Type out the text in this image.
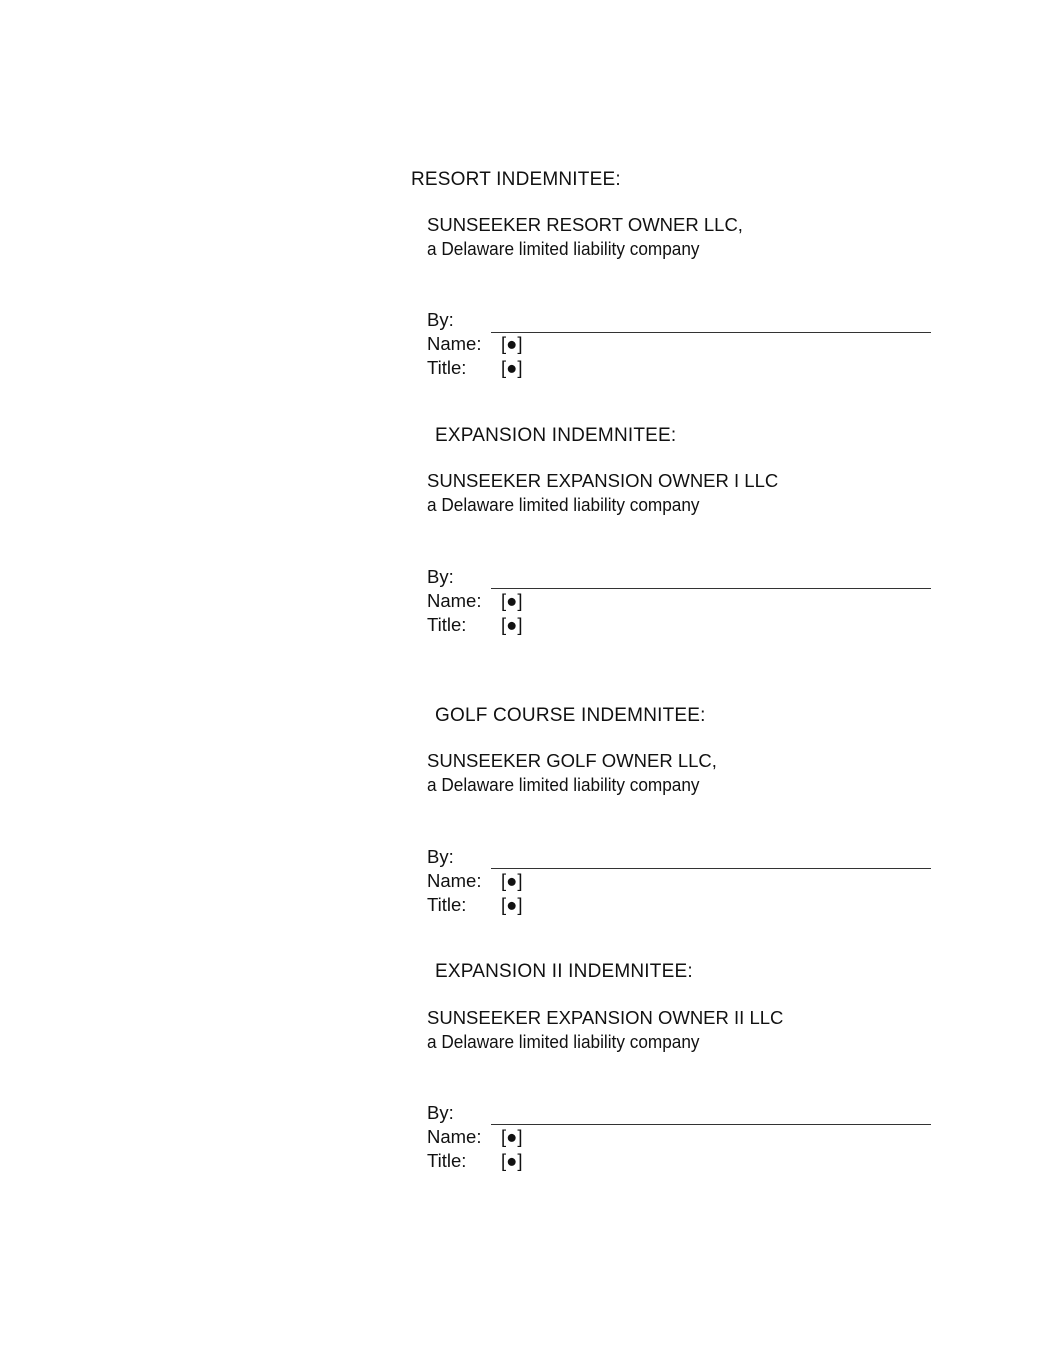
RESORT INDEMNITEE:
SUNSEEKER RESORT OWNER LLC,
a Delaware limited liability company
By:
Name: [●]
Title: [●]
EXPANSION INDEMNITEE:
SUNSEEKER EXPANSION OWNER I LLC
a Delaware limited liability company
By:
Name: [●]
Title: [●]
GOLF COURSE INDEMNITEE:
SUNSEEKER GOLF OWNER LLC,
a Delaware limited liability company
By:
Name: [●]
Title: [●]
EXPANSION II INDEMNITEE:
SUNSEEKER EXPANSION OWNER II LLC
a Delaware limited liability company
By:
Name: [●]
Title: [●]
